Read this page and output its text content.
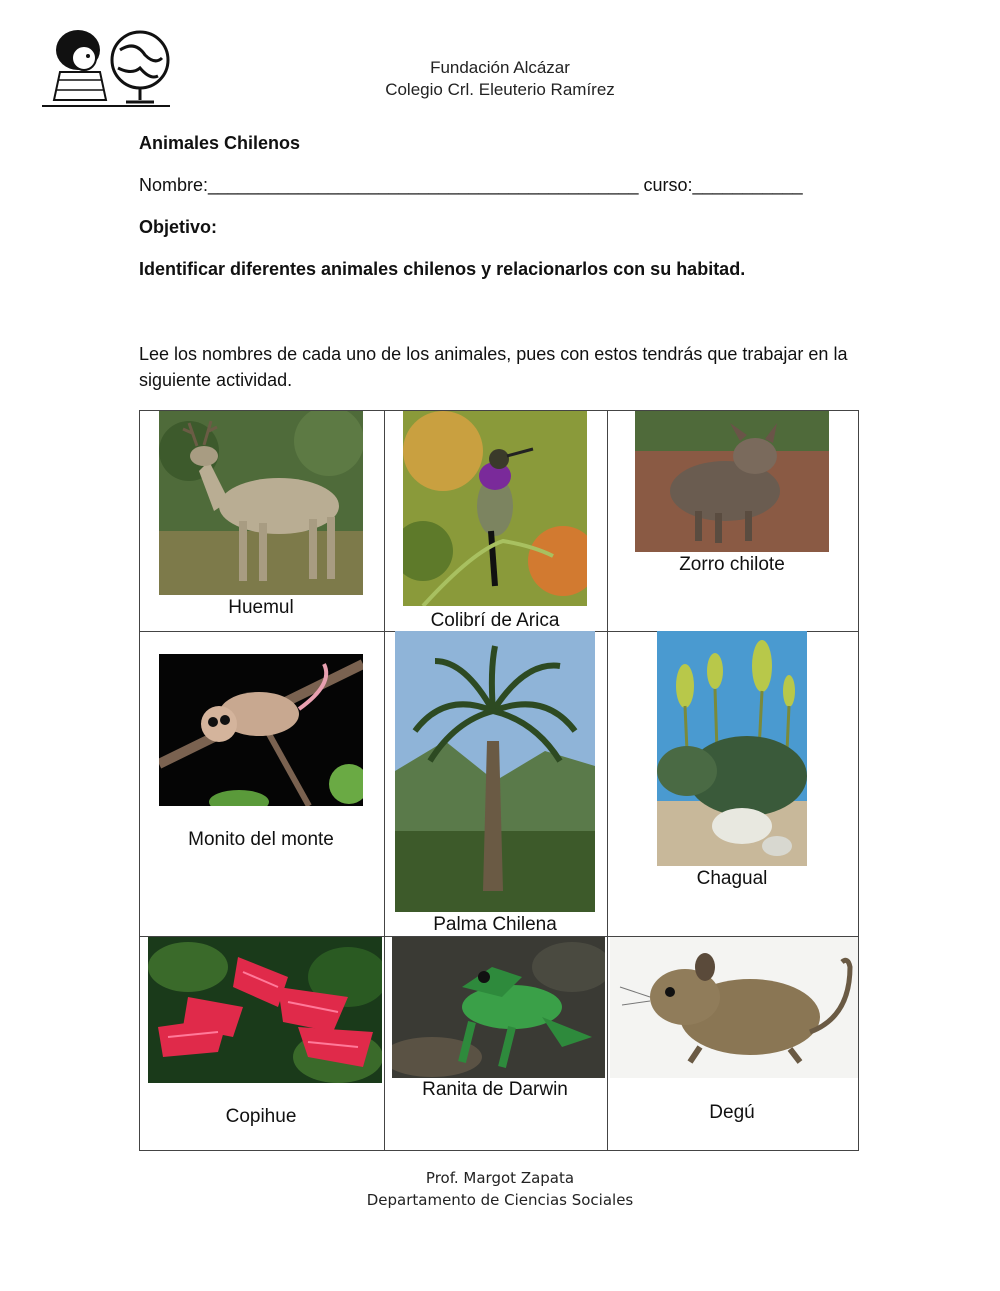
Fundación Alcázar
Colegio Crl. Eleuterio Ramírez
Animales Chilenos
Nombre:___________________________________________ curso:___________
Objetivo:
Identificar diferentes animales chilenos y relacionarlos con su habitad.
Lee los nombres de cada uno de los animales, pues con estos tendrás que trabajar en la siguiente actividad.
Huemul
Colibrí de Arica
Zorro chilote
Monito del monte
Palma Chilena
Chagual
Copihue
Ranita de Darwin
Degú
Prof. Margot Zapata
Departamento de Ciencias Sociales
